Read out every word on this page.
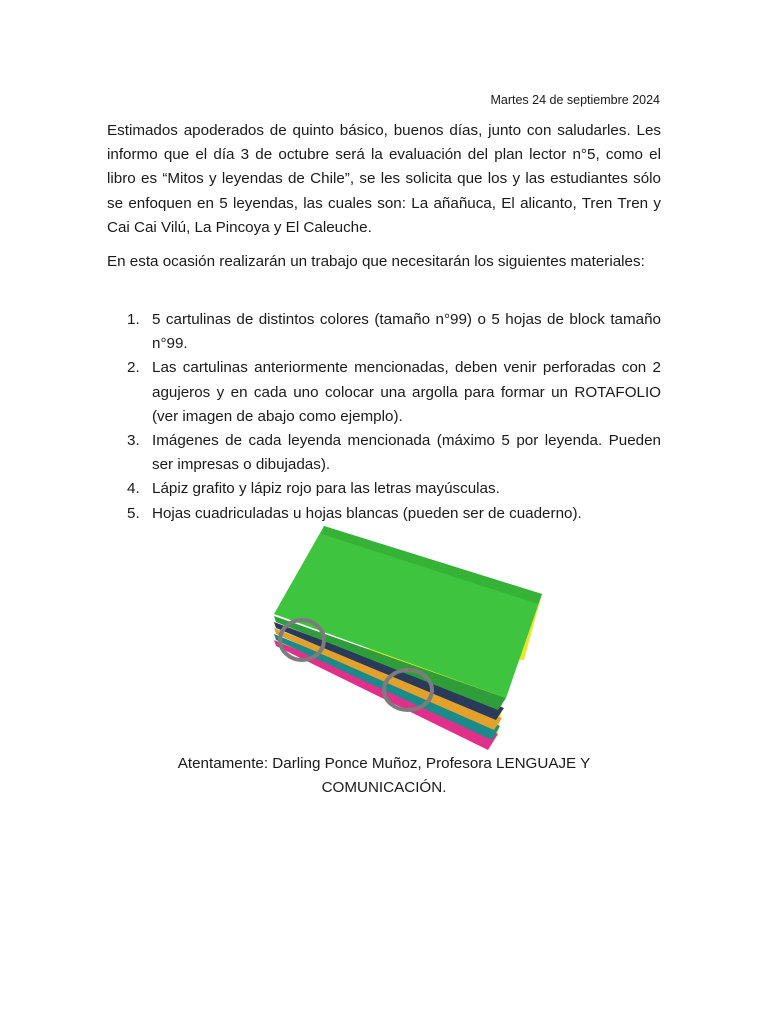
Martes 24 de septiembre 2024

Estimados apoderados de quinto básico, buenos días, junto con saludarles. Les informo que el día 3 de octubre será la evaluación del plan lector n°5, como el libro es “Mitos y leyendas de Chile”, se les solicita que los y las estudiantes sólo se enfoquen en 5 leyendas, las cuales son: La añañuca, El alicanto, Tren Tren y Cai Cai Vilú, La Pincoya y El Caleuche.

En esta ocasión realizarán un trabajo que necesitarán los siguientes materiales:

1. 5 cartulinas de distintos colores (tamaño n°99) o 5 hojas de block tamaño n°99.
2. Las cartulinas anteriormente mencionadas, deben venir perforadas con 2 agujeros y en cada uno colocar una argolla para formar un ROTAFOLIO (ver imagen de abajo como ejemplo).
3. Imágenes de cada leyenda mencionada (máximo 5 por leyenda. Pueden ser impresas o dibujadas).
4. Lápiz grafito y lápiz rojo para las letras mayúsculas.
5. Hojas cuadriculadas u hojas blancas (pueden ser de cuaderno).

Atentamente: Darling Ponce Muñoz, Profesora LENGUAJE Y COMUNICACIÓN.
